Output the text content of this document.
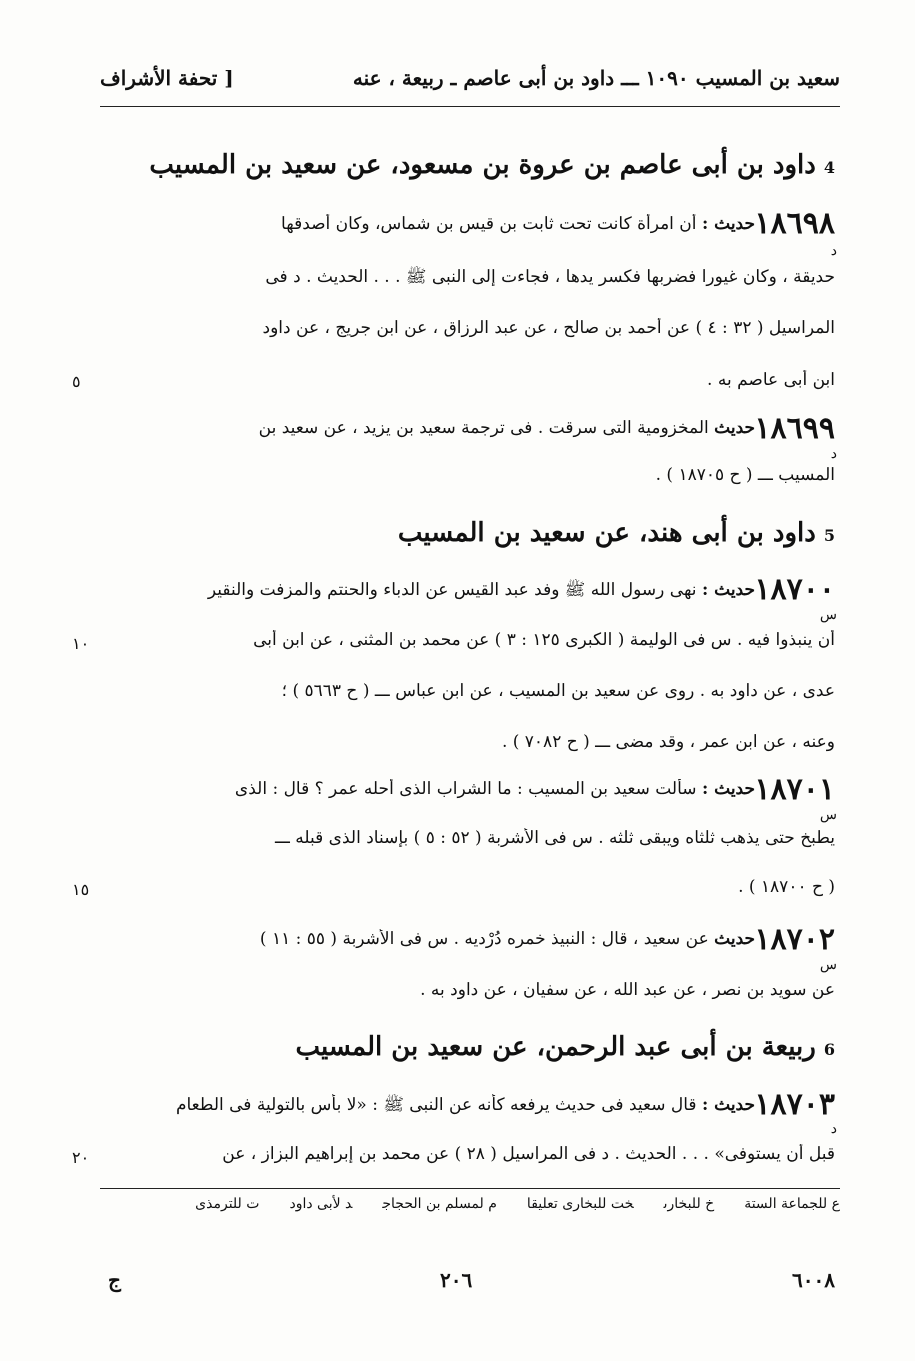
سعيد بن المسيب ١٠٩٠ ـــ داود بن أبى عاصم ـ ربيعة ، عنه
[ تحفة الأشراف
4داود بن أبى عاصم بن عروة بن مسعود، عن سعيد بن المسيب
١٨٦٩٨
د
حديث : أن امرأة كانت تحت ثابت بن قيس بن شماس، وكان أصدقها
حديقة ، وكان غيورا فضربها فكسر يدها ، فجاءت إلى النبى ﷺ . . . الحديث . د فى
المراسيل ( ٣٢ : ٤ ) عن أحمد بن صالح ، عن عبد الرزاق ، عن ابن جريج ، عن داود
ابن أبى عاصم به .
٥
١٨٦٩٩
د
حديث المخزومية التى سرقت . فى ترجمة سعيد بن يزيد ، عن سعيد بن
المسيب ـــ ( ح ١٨٧٠٥ ) .
5داود بن أبى هند، عن سعيد بن المسيب
١٨٧٠٠
س
حديث : نهى رسول الله ﷺ وفد عبد القيس عن الدباء والحنتم والمزفت والنقير
أن ينبذوا فيه . س فى الوليمة ( الكبرى ١٢٥ : ٣ ) عن محمد بن المثنى ، عن ابن أبى
١٠
عدى ، عن داود به . روى عن سعيد بن المسيب ، عن ابن عباس ـــ ( ح ٥٦٦٣ ) ؛
وعنه ، عن ابن عمر ، وقد مضى ـــ ( ح ٧٠٨٢ ) .
١٨٧٠١
س
حديث : سألت سعيد بن المسيب : ما الشراب الذى أحله عمر ؟ قال : الذى
يطبخ حتى يذهب ثلثاه ويبقى ثلثه . س فى الأشربة ( ٥٢ : ٥ ) بإسناد الذى قبله ـــ
( ح ١٨٧٠٠ ) .
١٥
١٨٧٠٢
س
حديث عن سعيد ، قال : النبيذ خمره دُرْديه . س فى الأشربة ( ٥٥ : ١١ )
عن سويد بن نصر ، عن عبد الله ، عن سفيان ، عن داود به .
6ربيعة بن أبى عبد الرحمن، عن سعيد بن المسيب
١٨٧٠٣
د
حديث : قال سعيد فى حديث يرفعه كأنه عن النبى ﷺ : «لا بأس بالتولية فى الطعام
قبل أن يستوفى» . . . الحديث . د فى المراسيل ( ٢٨ ) عن محمد بن إبراهيم البزاز ، عن
٢٠
ع للجماعة الستةخ للبخارىخت للبخارى تعليقام لمسلم بن الحجاجد لأبى داودت للترمذى
٦٠٠٨
٢٠٦
ج
